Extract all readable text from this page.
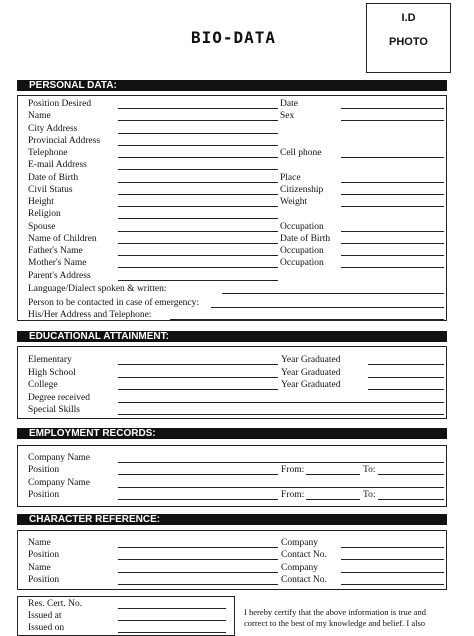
BIO-DATA
I.D
PHOTO
PERSONAL DATA:
Position Desired	Date
Name	Sex
City Address
Provincial Address
Telephone	Cell phone
E-mail Address
Date of Birth	Place
Civil Status	Citizenship
Height	Weight
Religion
Spouse	Occupation
Name of Children	Date of Birth
Father's Name	Occupation
Mother's Name	Occupation
Parent's Address
Language/Dialect spoken & written:
Person to be contacted in case of emergency:
His/Her Address and Telephone:
EDUCATIONAL ATTAINMENT:
Elementary	Year Graduated
High School	Year Graduated
College	Year Graduated
Degree received
Special Skills
EMPLOYMENT RECORDS:
Company Name
Position	From:	To:
Company Name
Position	From:	To:
CHARACTER REFERENCE:
Name	Company
Position	Contact No.
Name	Company
Position	Contact No.
Res. Cert. No.
Issued at
Issued on
I hereby certify that the above information is true and correct to the best of my knowledge and belief. I also
